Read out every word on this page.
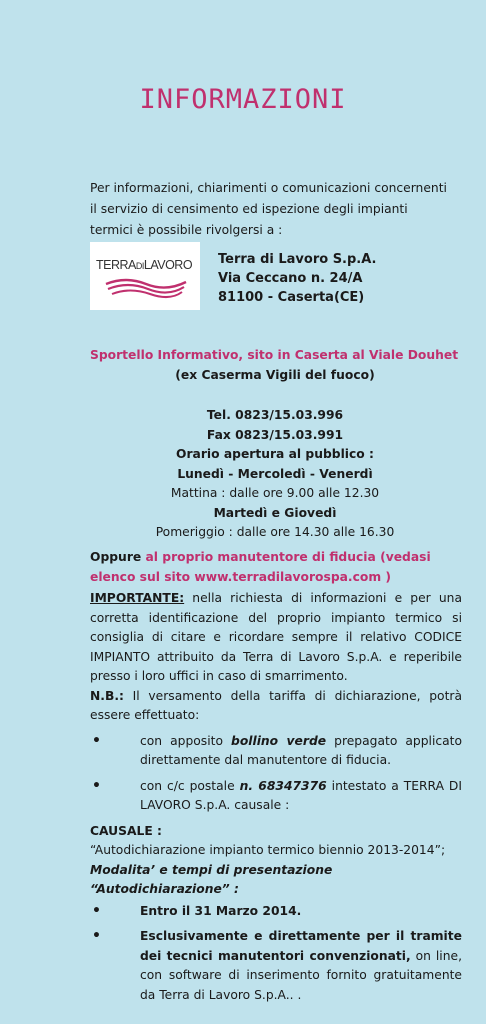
INFORMAZIONI

Per informazioni, chiarimenti o comunicazioni concernenti il servizio di censimento ed ispezione degli impianti termici è possibile rivolgersi a :

TERRADILAVORO	Terra di Lavoro S.p.A.
Via Ceccano n. 24/A
81100 - Caserta(CE)
Sportello Informativo, sito in Caserta al Viale Douhet
(ex Caserma Vigili del fuoco)
Tel. 0823/15.03.996
Fax 0823/15.03.991
Orario apertura al pubblico :
Lunedì - Mercoledì - Venerdì
Mattina : dalle ore 9.00 alle 12.30
Martedì e Giovedì
Pomeriggio : dalle ore 14.30 alle 16.30
Oppure al proprio manutentore di fiducia (vedasi elenco sul sito www.terradilavorospa.com )

IMPORTANTE: nella richiesta di informazioni e per una corretta identificazione del proprio impianto termico si consiglia di citare e ricordare sempre il relativo CODICE IMPIANTO attribuito da Terra di Lavoro S.p.A. e reperibile presso i loro uffici in caso di smarrimento.

N.B.: Il versamento della tariffa di dichiarazione, potrà essere effettuato:

•	con apposito bollino verde prepagato applicato direttamente dal manutentore di fiducia.
•	con c/c postale n. 68347376 intestato a TERRA DI LAVORO S.p.A. causale :
CAUSALE :

“Autodichiarazione impianto termico biennio 2013-2014”;

Modalita’ e tempi di presentazione “Autodichiarazione” :

•	Entro il 31 Marzo 2014.
•	Esclusivamente e direttamente per il tramite dei tecnici manutentori convenzionati, on line, con software di inserimento fornito gratuitamente da Terra di Lavoro S.p.A.. .
